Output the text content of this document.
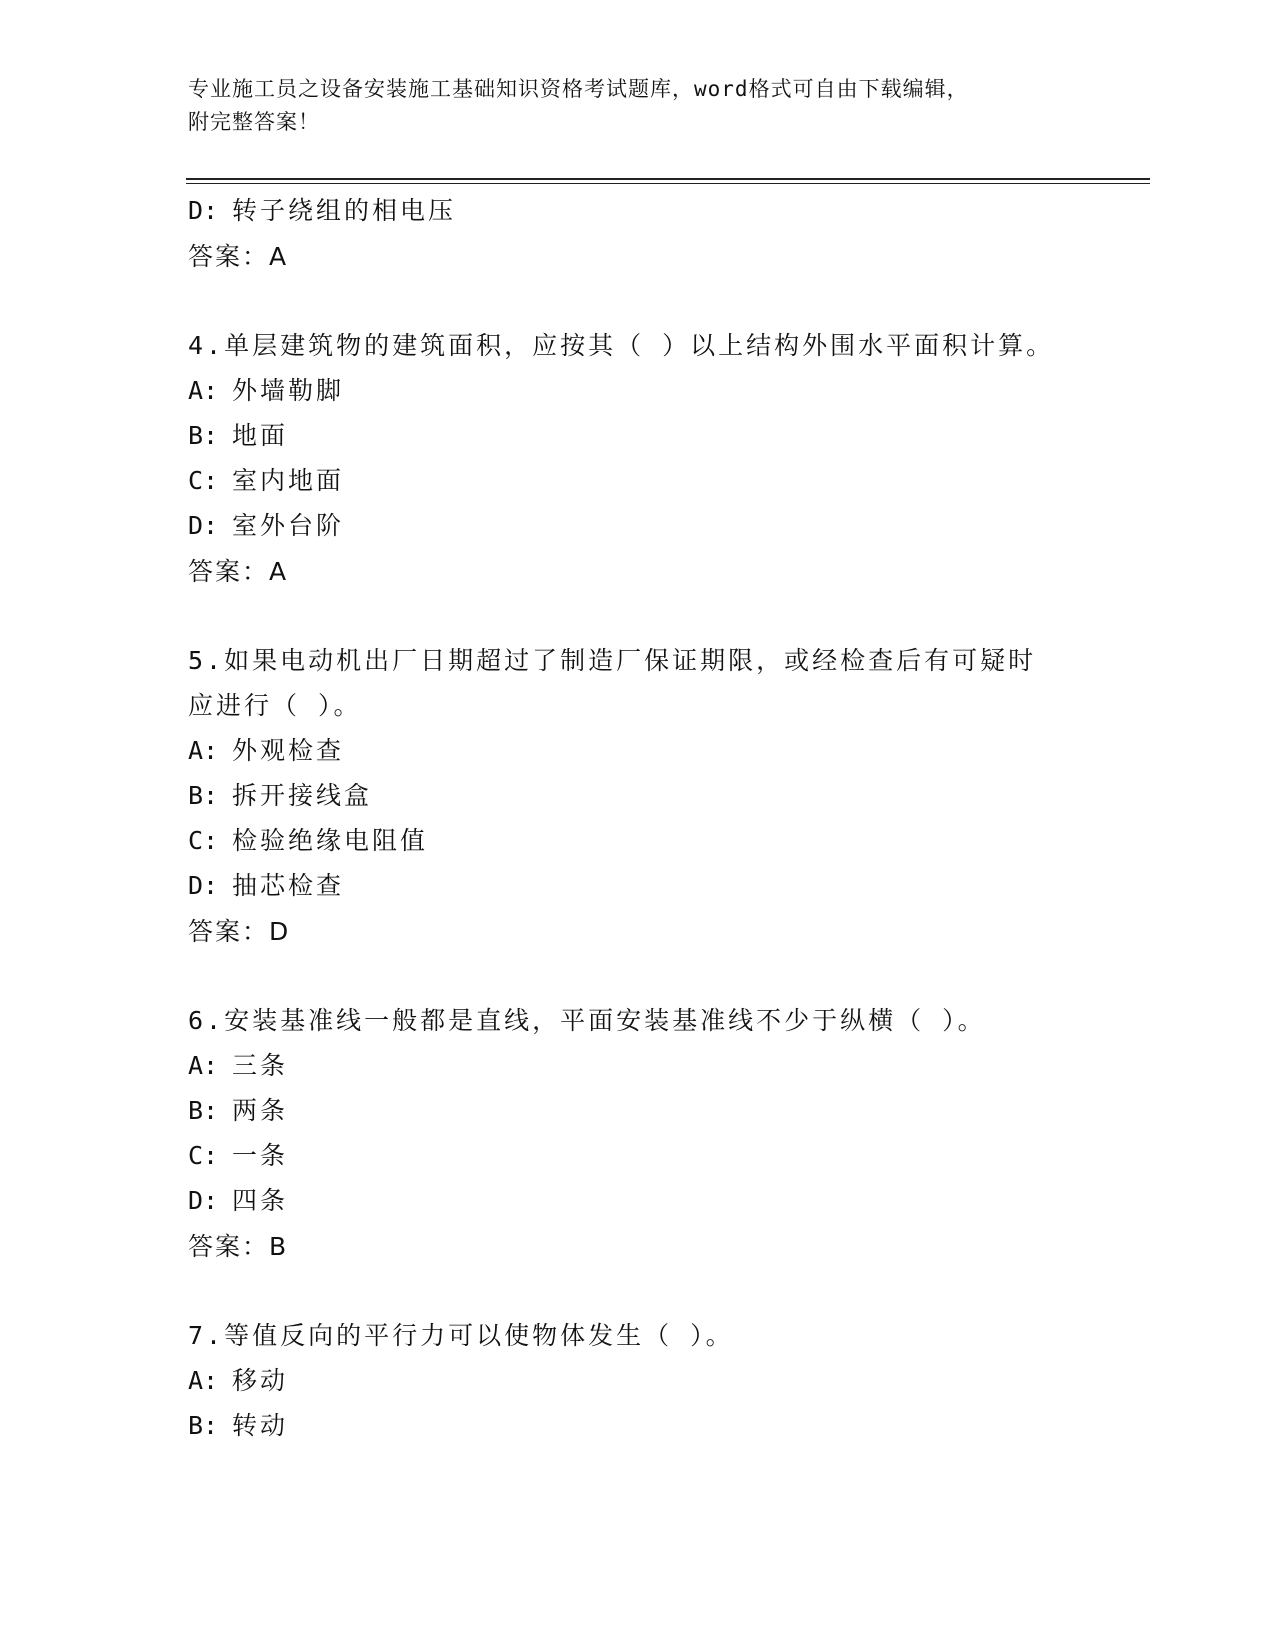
专业施工员之设备安装施工基础知识资格考试题库，word格式可自由下载编辑，
附完整答案！
D: 转子绕组的相电压
答案：A
4.单层建筑物的建筑面积，应按其（ ）以上结构外围水平面积计算。
A: 外墙勒脚
B: 地面
C: 室内地面
D: 室外台阶
答案：A
5.如果电动机出厂日期超过了制造厂保证期限，或经检查后有可疑时
应进行（ ）。
A: 外观检查
B: 拆开接线盒
C: 检验绝缘电阻值
D: 抽芯检查
答案：D
6.安装基准线一般都是直线，平面安装基准线不少于纵横（ ）。
A: 三条
B: 两条
C: 一条
D: 四条
答案：B
7.等值反向的平行力可以使物体发生（ ）。
A: 移动
B: 转动
